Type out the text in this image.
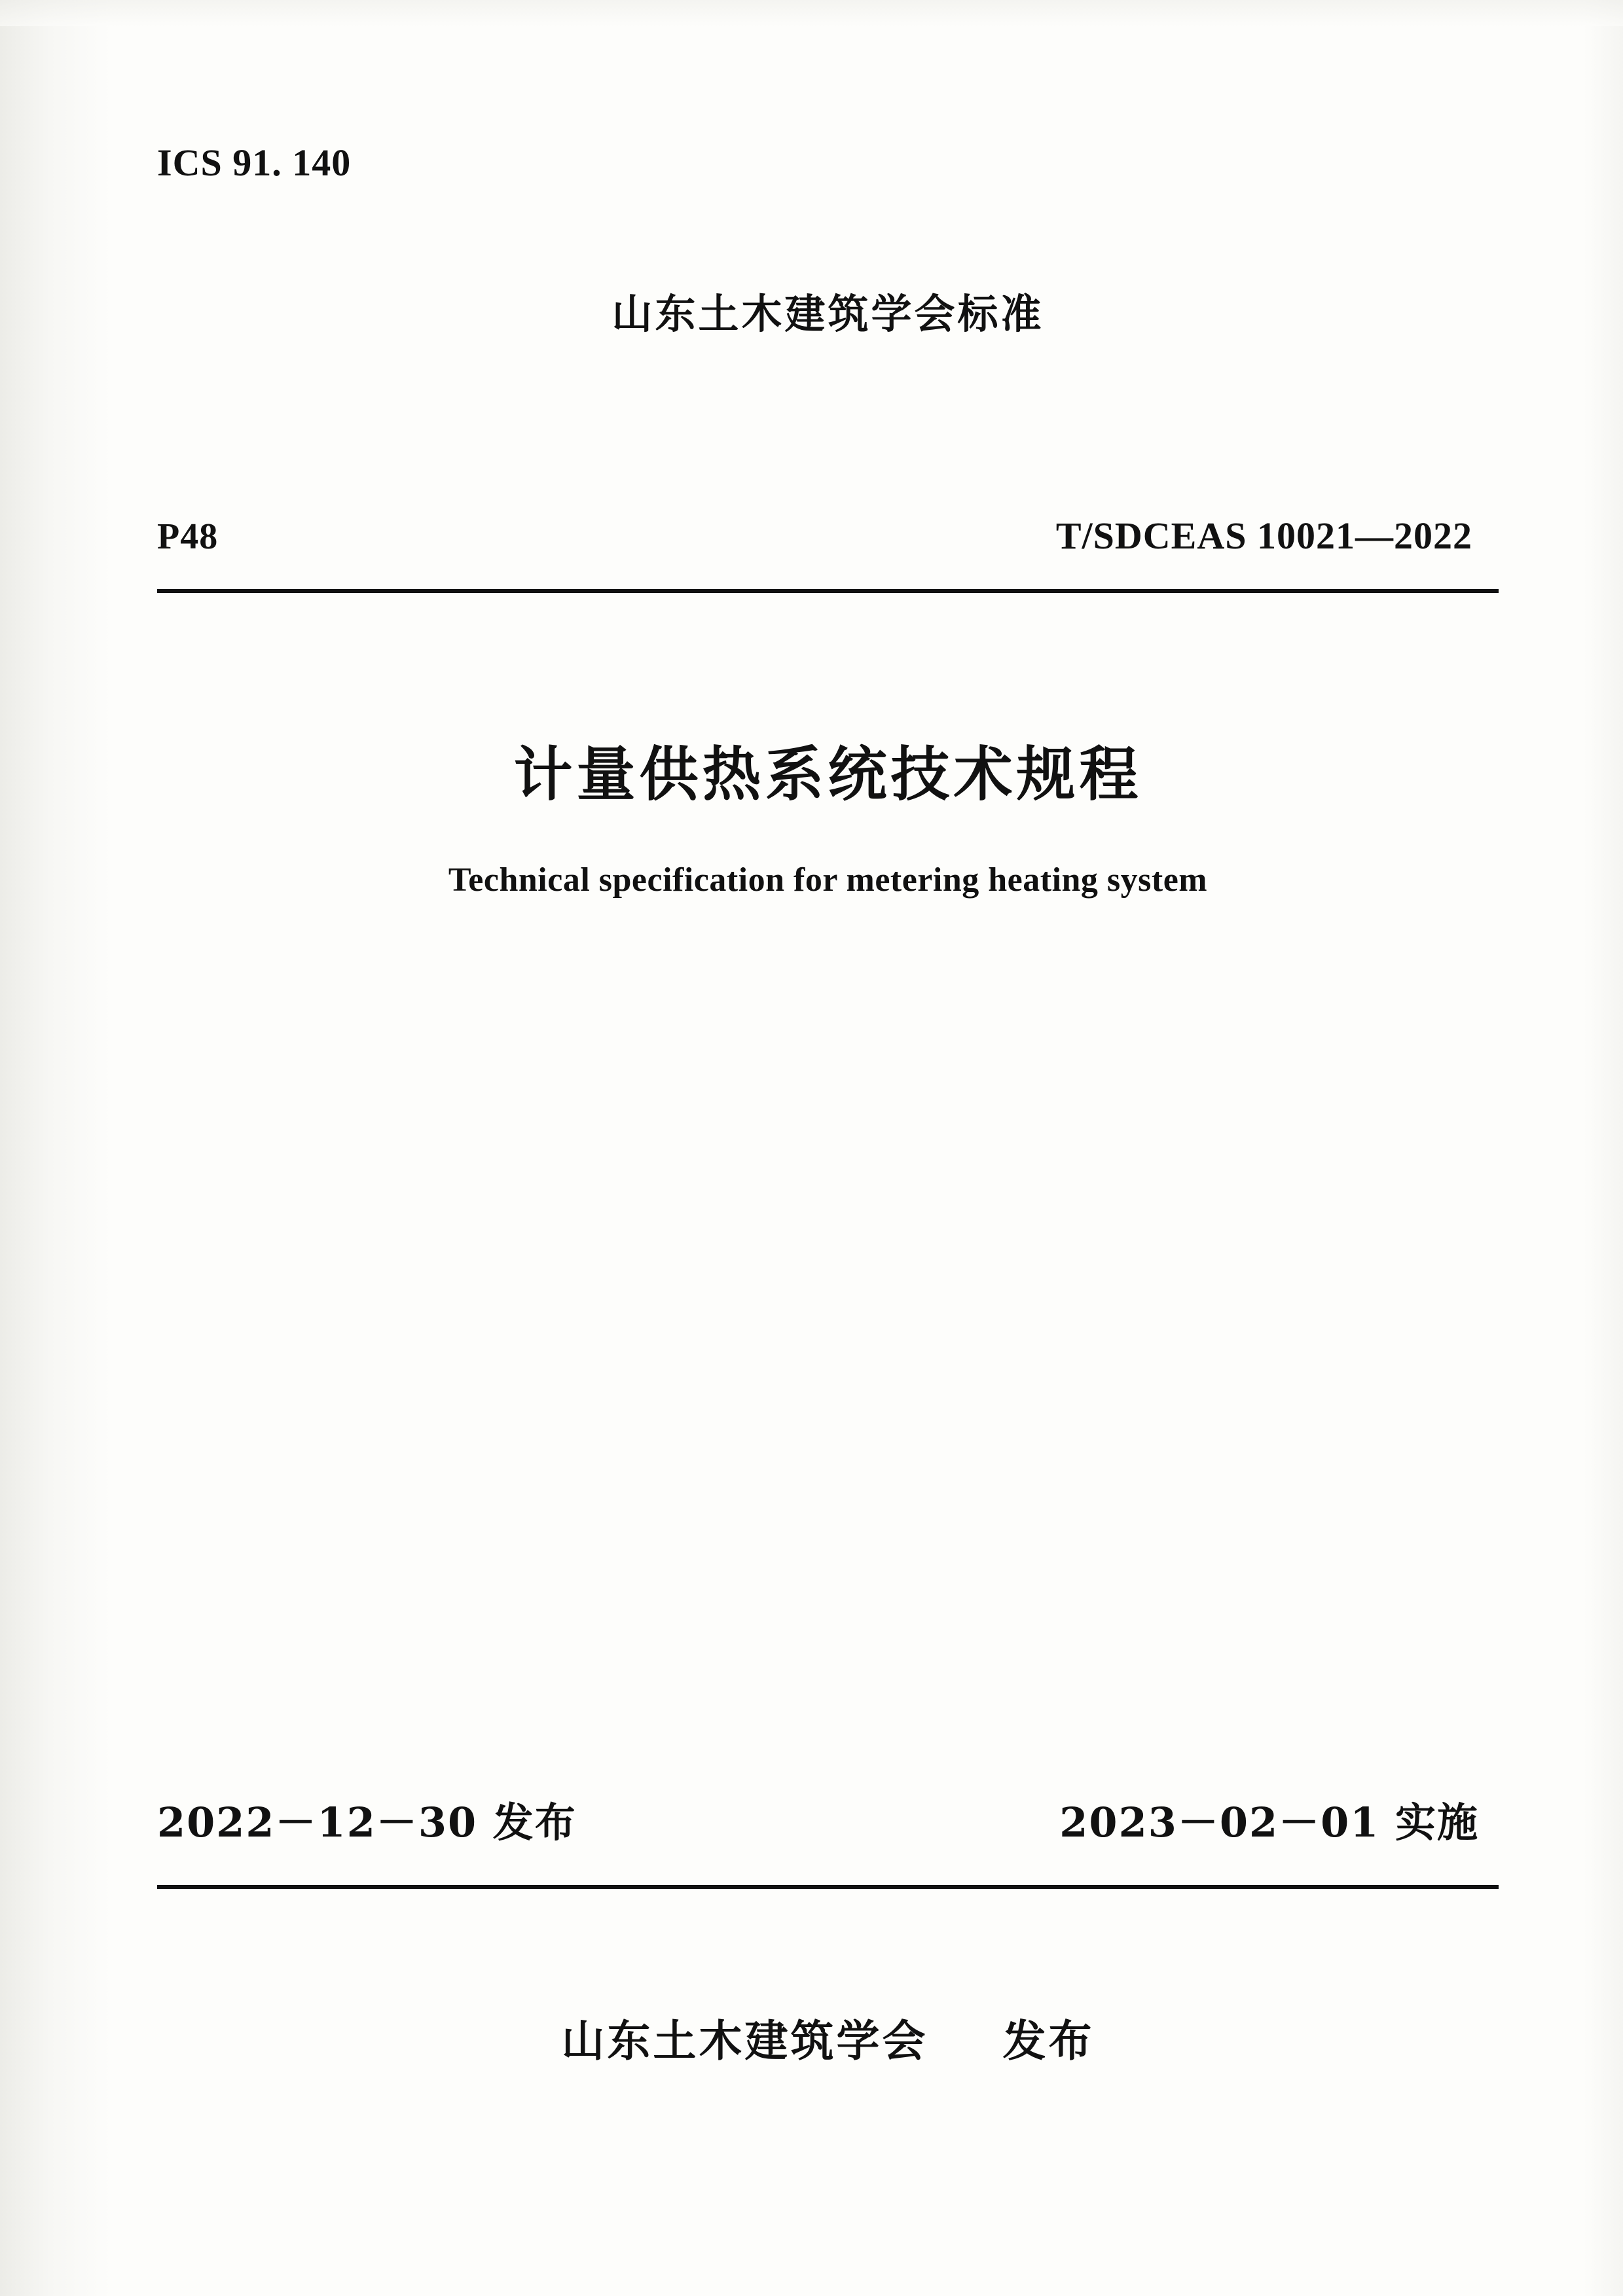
ICS 91. 140
山东土木建筑学会标准
P48	T/SDCEAS 10021—2022
计量供热系统技术规程
Technical specification for metering heating system
2022－12－30 发布	2023－02－01 实施
山东土木建筑学会 发布
